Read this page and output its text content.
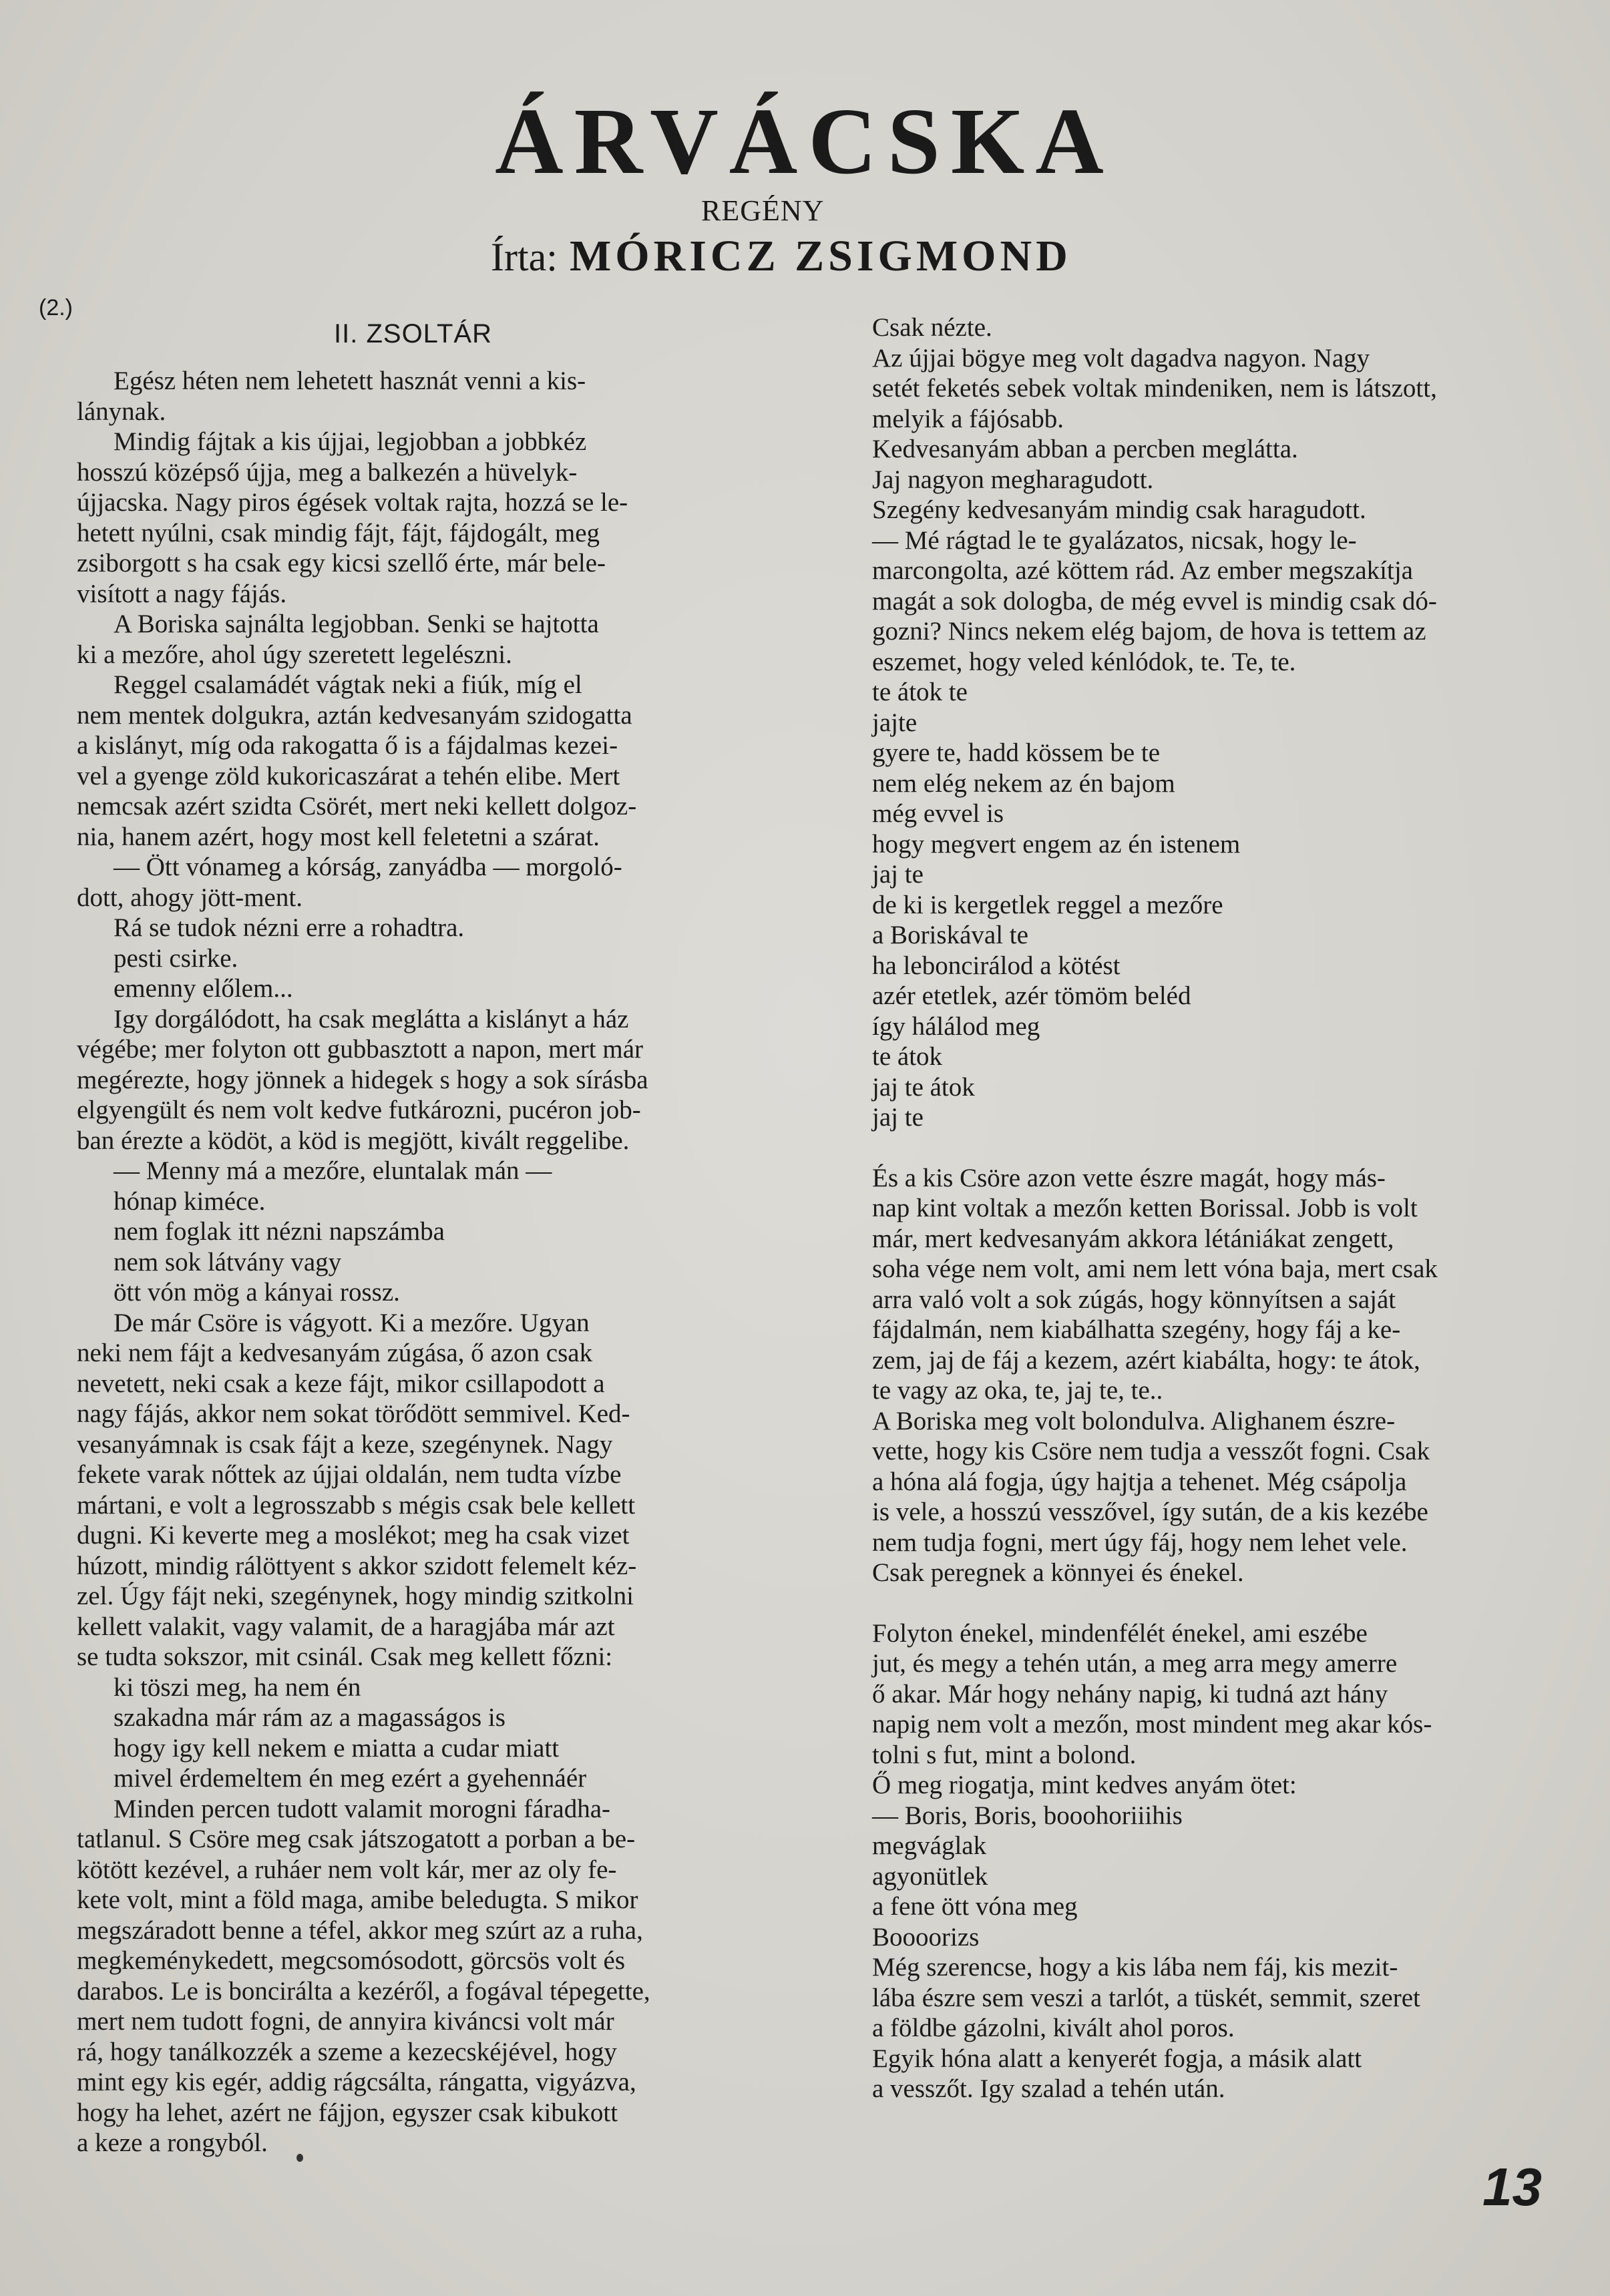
ÁRVÁCSKA
REGÉNY
Írta: MÓRICZ ZSIGMOND
(2.)
II. ZSOLTÁR

Egész héten nem lehetett hasznát venni a kis-

lánynak.

Mindig fájtak a kis újjai, legjobban a jobbkéz

hosszú középső újja, meg a balkezén a hüvelyk-

újjacska. Nagy piros égések voltak rajta, hozzá se le-

hetett nyúlni, csak mindig fájt, fájt, fájdogált, meg

zsiborgott s ha csak egy kicsi szellő érte, már bele-

visított a nagy fájás.

A Boriska sajnálta legjobban. Senki se hajtotta

ki a mezőre, ahol úgy szeretett legelészni.

Reggel csalamádét vágtak neki a fiúk, míg el

nem mentek dolgukra, aztán kedvesanyám szidogatta

a kislányt, míg oda rakogatta ő is a fájdalmas kezei-

vel a gyenge zöld kukoricaszárat a tehén elibe. Mert

nemcsak azért szidta Csörét, mert neki kellett dolgoz-

nia, hanem azért, hogy most kell feletetni a szárat.

— Ött vónameg a kórság, zanyádba — morgoló-

dott, ahogy jött-ment.

Rá se tudok nézni erre a rohadtra.

pesti csirke.

emenny előlem...

Igy dorgálódott, ha csak meglátta a kislányt a ház

végébe; mer folyton ott gubbasztott a napon, mert már

megérezte, hogy jönnek a hidegek s hogy a sok sírásba

elgyengült és nem volt kedve futkározni, pucéron job-

ban érezte a ködöt, a köd is megjött, kivált reggelibe.

— Menny má a mezőre, eluntalak mán —

hónap kiméce.

nem foglak itt nézni napszámba

nem sok látvány vagy

ött vón mög a kányai rossz.

De már Csöre is vágyott. Ki a mezőre. Ugyan

neki nem fájt a kedvesanyám zúgása, ő azon csak

nevetett, neki csak a keze fájt, mikor csillapodott a

nagy fájás, akkor nem sokat törődött semmivel. Ked-

vesanyámnak is csak fájt a keze, szegénynek. Nagy

fekete varak nőttek az újjai oldalán, nem tudta vízbe

mártani, e volt a legrosszabb s mégis csak bele kellett

dugni. Ki keverte meg a moslékot; meg ha csak vizet

húzott, mindig rálöttyent s akkor szidott felemelt kéz-

zel. Úgy fájt neki, szegénynek, hogy mindig szitkolni

kellett valakit, vagy valamit, de a haragjába már azt

se tudta sokszor, mit csinál. Csak meg kellett főzni:

ki töszi meg, ha nem én

szakadna már rám az a magasságos is

hogy igy kell nekem e miatta a cudar miatt

mivel érdemeltem én meg ezért a gyehennáér

Minden percen tudott valamit morogni fáradha-

tatlanul. S Csöre meg csak játszogatott a porban a be-

kötött kezével, a ruháer nem volt kár, mer az oly fe-

kete volt, mint a föld maga, amibe beledugta. S mikor

megszáradott benne a téfel, akkor meg szúrt az a ruha,

megkeménykedett, megcsomósodott, görcsös volt és

darabos. Le is boncirálta a kezéről, a fogával tépegette,

mert nem tudott fogni, de annyira kiváncsi volt már

rá, hogy tanálkozzék a szeme a kezecskéjével, hogy

mint egy kis egér, addig rágcsálta, rángatta, vigyázva,

hogy ha lehet, azért ne fájjon, egyszer csak kibukott

a keze a rongyból.

Csak nézte.

Az újjai bögye meg volt dagadva nagyon. Nagy

setét feketés sebek voltak mindeniken, nem is látszott,

melyik a fájósabb.

Kedvesanyám abban a percben meglátta.

Jaj nagyon megharagudott.

Szegény kedvesanyám mindig csak haragudott.

— Mé rágtad le te gyalázatos, nicsak, hogy le-

marcongolta, azé köttem rád. Az ember megszakítja

magát a sok dologba, de még evvel is mindig csak dó-

gozni? Nincs nekem elég bajom, de hova is tettem az

eszemet, hogy veled kénlódok, te. Te, te.

te átok te

jajte

gyere te, hadd kössem be te

nem elég nekem az én bajom

még evvel is

hogy megvert engem az én istenem

jaj te

de ki is kergetlek reggel a mezőre

a Boriskával te

ha leboncirálod a kötést

azér etetlek, azér tömöm beléd

így hálálod meg

te átok

jaj te átok

jaj te

És a kis Csöre azon vette észre magát, hogy más-

nap kint voltak a mezőn ketten Borissal. Jobb is volt

már, mert kedvesanyám akkora létániákat zengett,

soha vége nem volt, ami nem lett vóna baja, mert csak

arra való volt a sok zúgás, hogy könnyítsen a saját

fájdalmán, nem kiabálhatta szegény, hogy fáj a ke-

zem, jaj de fáj a kezem, azért kiabálta, hogy: te átok,

te vagy az oka, te, jaj te, te..

A Boriska meg volt bolondulva. Alighanem észre-

vette, hogy kis Csöre nem tudja a vesszőt fogni. Csak

a hóna alá fogja, úgy hajtja a tehenet. Még csápolja

is vele, a hosszú vesszővel, így sután, de a kis kezébe

nem tudja fogni, mert úgy fáj, hogy nem lehet vele.

Csak peregnek a könnyei és énekel.

Folyton énekel, mindenfélét énekel, ami eszébe

jut, és megy a tehén után, a meg arra megy amerre

ő akar. Már hogy nehány napig, ki tudná azt hány

napig nem volt a mezőn, most mindent meg akar kós-

tolni s fut, mint a bolond.

Ő meg riogatja, mint kedves anyám ötet:

— Boris, Boris, booohoriiihis

megváglak

agyonütlek

a fene ött vóna meg

Boooorizs

Még szerencse, hogy a kis lába nem fáj, kis mezit-

lába észre sem veszi a tarlót, a tüskét, semmit, szeret

a földbe gázolni, kivált ahol poros.

Egyik hóna alatt a kenyerét fogja, a másik alatt

a vesszőt. Igy szalad a tehén után.

13
